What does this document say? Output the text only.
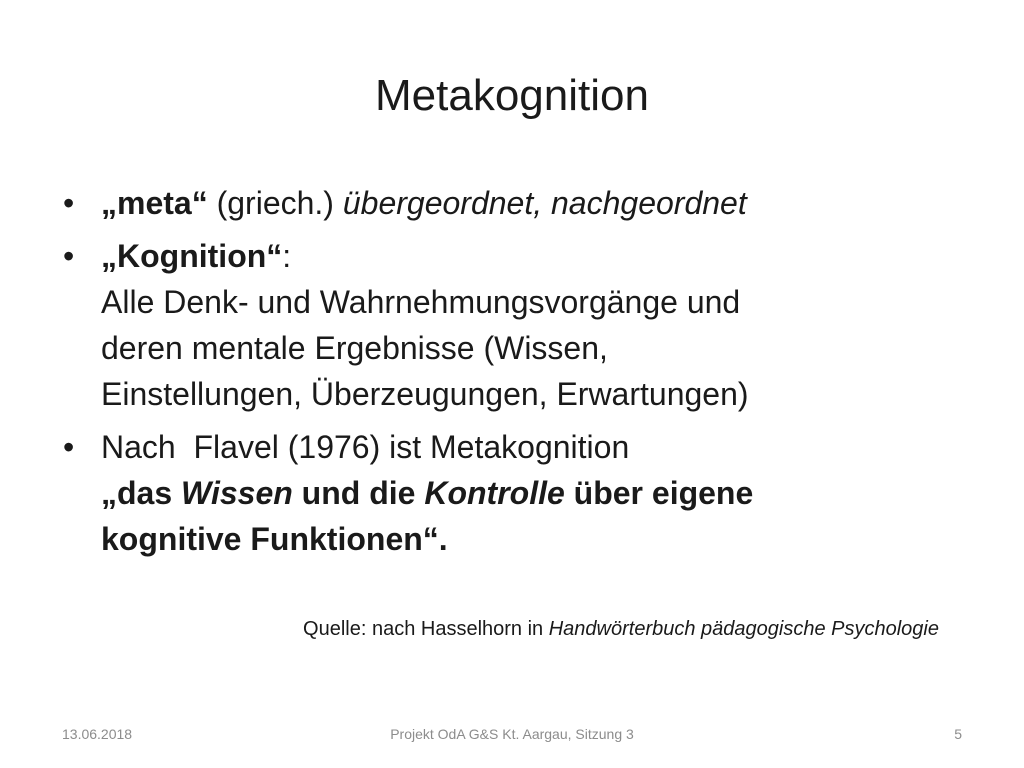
Metakognition
• „meta“ (griech.) übergeordnet, nachgeordnet
• „Kognition“:
Alle Denk- und Wahrnehmungsvorgänge und
deren mentale Ergebnisse (Wissen,
Einstellungen, Überzeugungen, Erwartungen)
• Nach  Flavel (1976) ist Metakognition
„das Wissen und die Kontrolle über eigene
kognitive Funktionen“.
Quelle: nach Hasselhorn in Handwörterbuch pädagogische Psychologie
13.06.2018	Projekt OdA G&S Kt. Aargau, Sitzung 3	5
